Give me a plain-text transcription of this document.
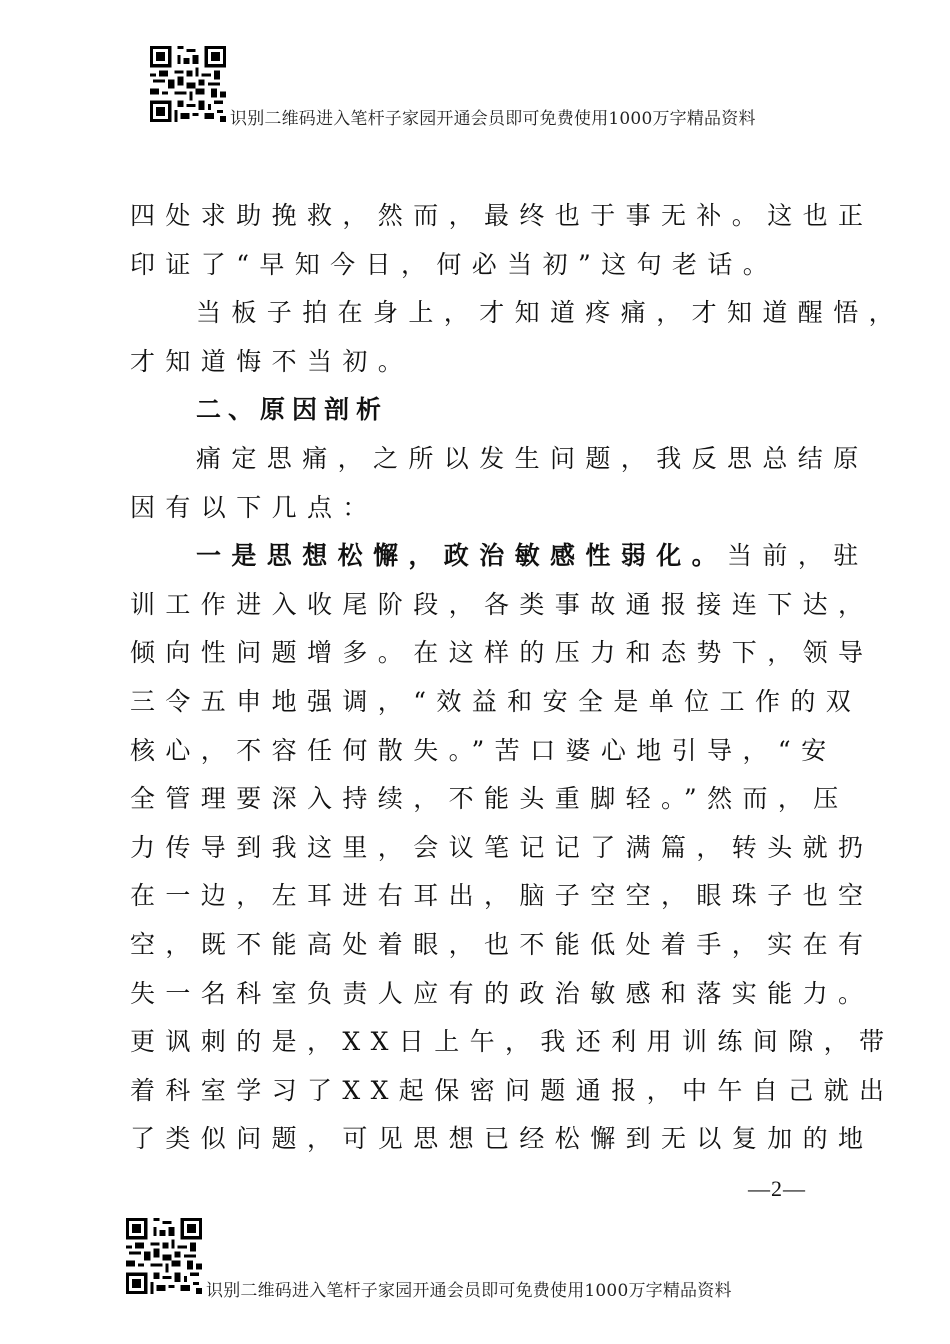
识别二维码进入笔杆子家园开通会员即可免费使用1000万字精品资料
四处求助挽救，然而，最终也于事无补。这也正
印证了“早知今日，何必当初”这句老话。
当板子拍在身上，才知道疼痛，才知道醒悟，
才知道悔不当初。
二、原因剖析
痛定思痛，之所以发生问题，我反思总结原
因有以下几点：
一是思想松懈，政治敏感性弱化。当前，驻
训工作进入收尾阶段，各类事故通报接连下达，
倾向性问题增多。在这样的压力和态势下，领导
三令五申地强调，“效益和安全是单位工作的双
核心，不容任何散失。”苦口婆心地引导，“安
全管理要深入持续，不能头重脚轻。”然而，压
力传导到我这里，会议笔记记了满篇，转头就扔
在一边，左耳进右耳出，脑子空空，眼珠子也空
空，既不能高处着眼，也不能低处着手，实在有
失一名科室负责人应有的政治敏感和落实能力。
更讽刺的是，XX日上午，我还利用训练间隙，带
着科室学习了XX起保密问题通报，中午自己就出
了类似问题，可见思想已经松懈到无以复加的地
—2—
识别二维码进入笔杆子家园开通会员即可免费使用1000万字精品资料
